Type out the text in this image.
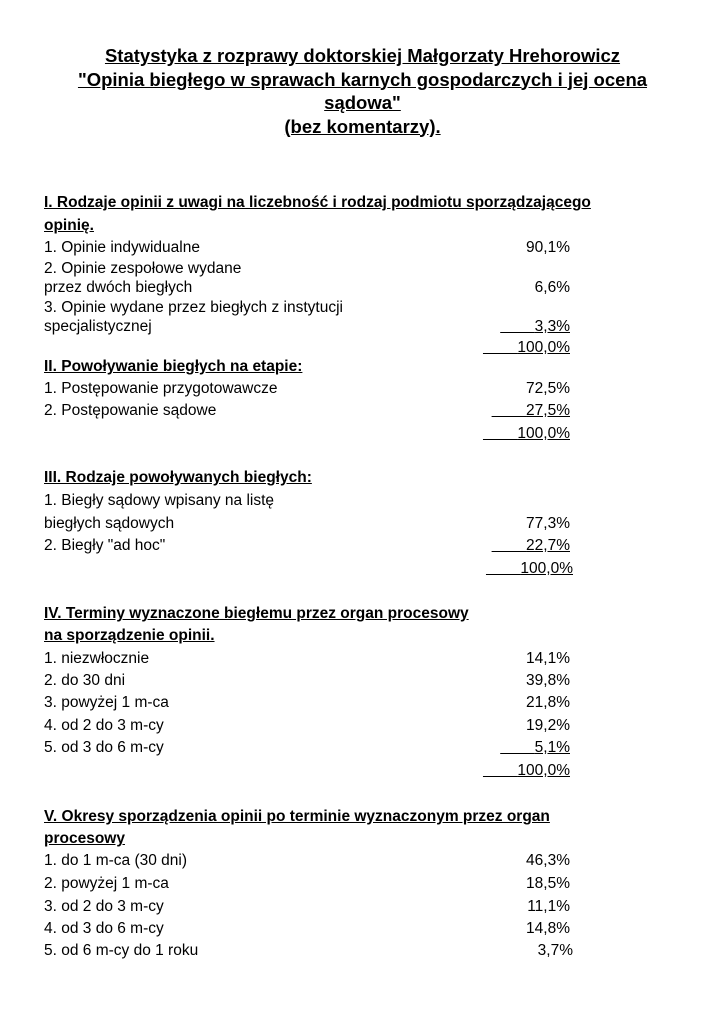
Statystyka z rozprawy doktorskiej Małgorzaty Hrehorowicz
"Opinia biegłego w sprawach karnych gospodarczych i jej ocena
sądowa"
(bez komentarzy).
I. Rodzaje opinii z uwagi na liczebność i rodzaj podmiotu sporządzającego
opinię.
1. Opinie indywidualne	90,1%
2. Opinie zespołowe wydane
przez dwóch biegłych	6,6%
3. Opinie wydane przez biegłych z instytucji
specjalistycznej	3,3%
100,0%
II. Powoływanie biegłych na etapie:
1. Postępowanie przygotowawcze	72,5%
2. Postępowanie sądowe	27,5%
100,0%
III. Rodzaje powoływanych biegłych:
1. Biegły sądowy wpisany na listę
biegłych sądowych	77,3%
2. Biegły "ad hoc"	22,7%
100,0%
IV. Terminy wyznaczone biegłemu przez organ procesowy
na sporządzenie opinii.
1. niezwłocznie	14,1%
2. do 30 dni	39,8%
3. powyżej 1 m-ca	21,8%
4. od 2 do 3 m-cy	19,2%
5. od 3 do 6 m-cy	5,1%
100,0%
V. Okresy sporządzenia opinii po terminie wyznaczonym przez organ
procesowy
1. do 1 m-ca (30 dni)	46,3%
2. powyżej 1 m-ca	18,5%
3. od 2 do 3 m-cy	11,1%
4. od 3 do 6 m-cy	14,8%
5. od 6 m-cy do 1 roku	3,7%
